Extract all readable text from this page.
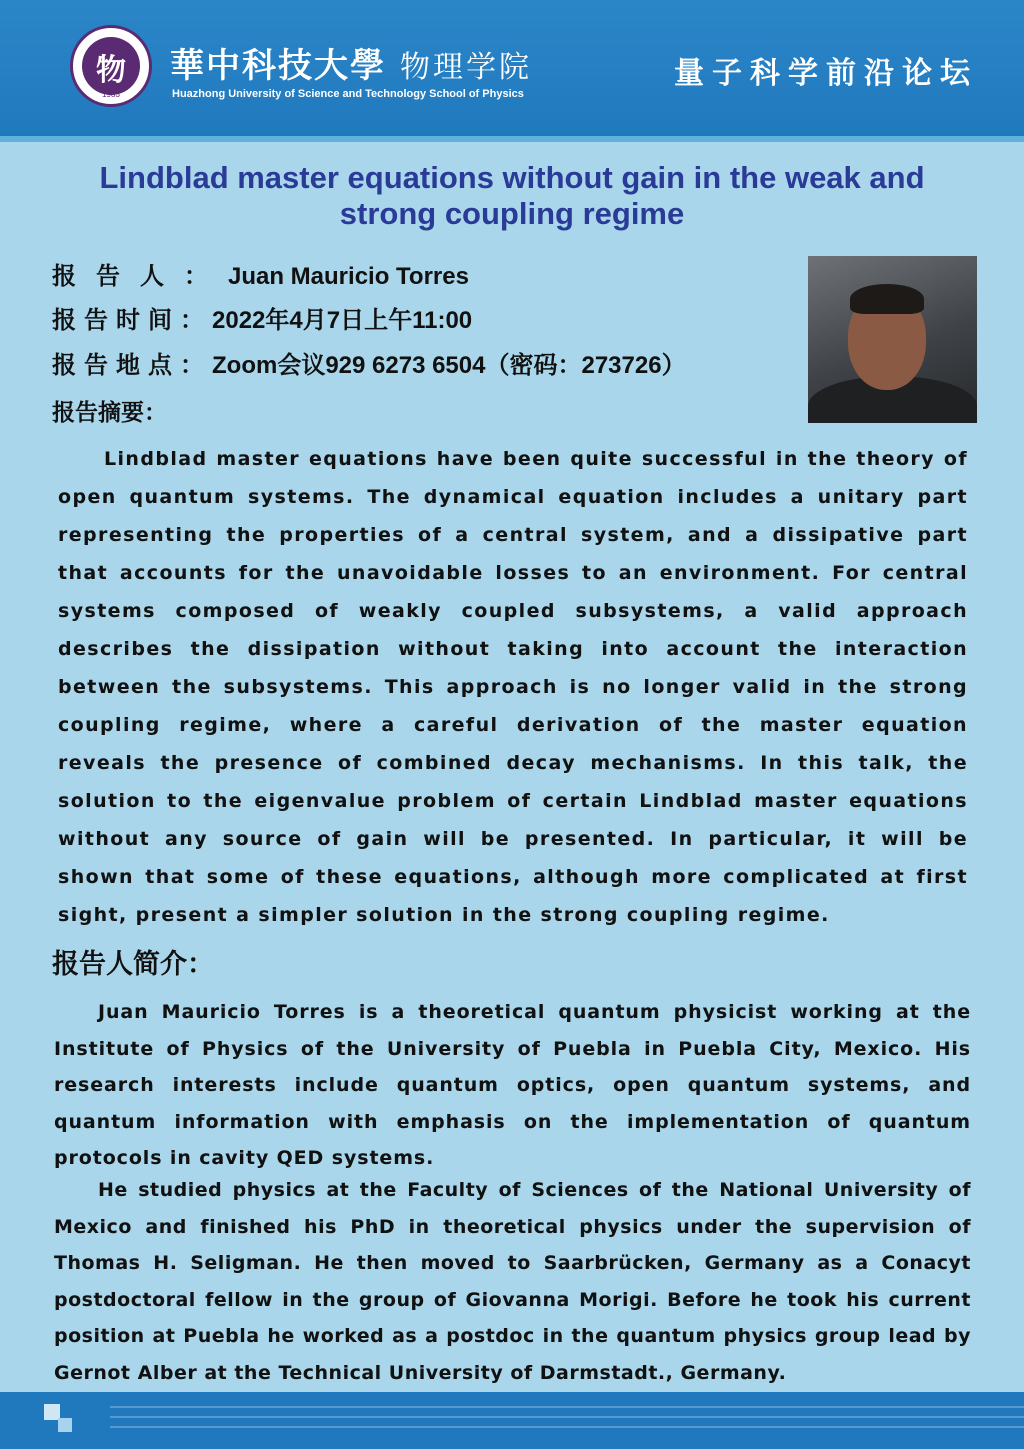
物
1983
華中科技大學 物理学院
Huazhong University of Science and Technology School of Physics
量子科学前沿论坛
Lindblad master equations without gain in the weak and strong coupling regime
报告人：Juan Mauricio Torres
报告时间：2022年4月7日上午11:00
报告地点：Zoom会议929 6273 6504（密码：273726）
报告摘要：
Lindblad master equations have been quite successful in the theory of open quantum systems. The dynamical equation includes a unitary part representing the properties of a central system, and a dissipative part that accounts for the unavoidable losses to an environment. For central systems composed of weakly coupled subsystems, a valid approach describes the dissipation without taking into account the interaction between the subsystems. This approach is no longer valid in the strong coupling regime, where a careful derivation of the master equation reveals the presence of combined decay mechanisms. In this talk, the solution to the eigenvalue problem of certain Lindblad master equations without any source of gain will be presented. In particular, it will be shown that some of these equations, although more complicated at first sight, present a simpler solution in the strong coupling regime.
报告人简介：
Juan Mauricio Torres is a theoretical quantum physicist working at the Institute of Physics of the University of Puebla in Puebla City, Mexico. His research interests include quantum optics, open quantum systems, and quantum information with emphasis on the implementation of quantum protocols in cavity QED systems.
He studied physics at the Faculty of Sciences of the National University of Mexico and finished his PhD in theoretical physics under the supervision of Thomas H. Seligman. He then moved to Saarbrücken, Germany as a Conacyt postdoctoral fellow in the group of Giovanna Morigi. Before he took his current position at Puebla he worked as a postdoc in the quantum physics group lead by Gernot Alber at the Technical University of Darmstadt., Germany.
